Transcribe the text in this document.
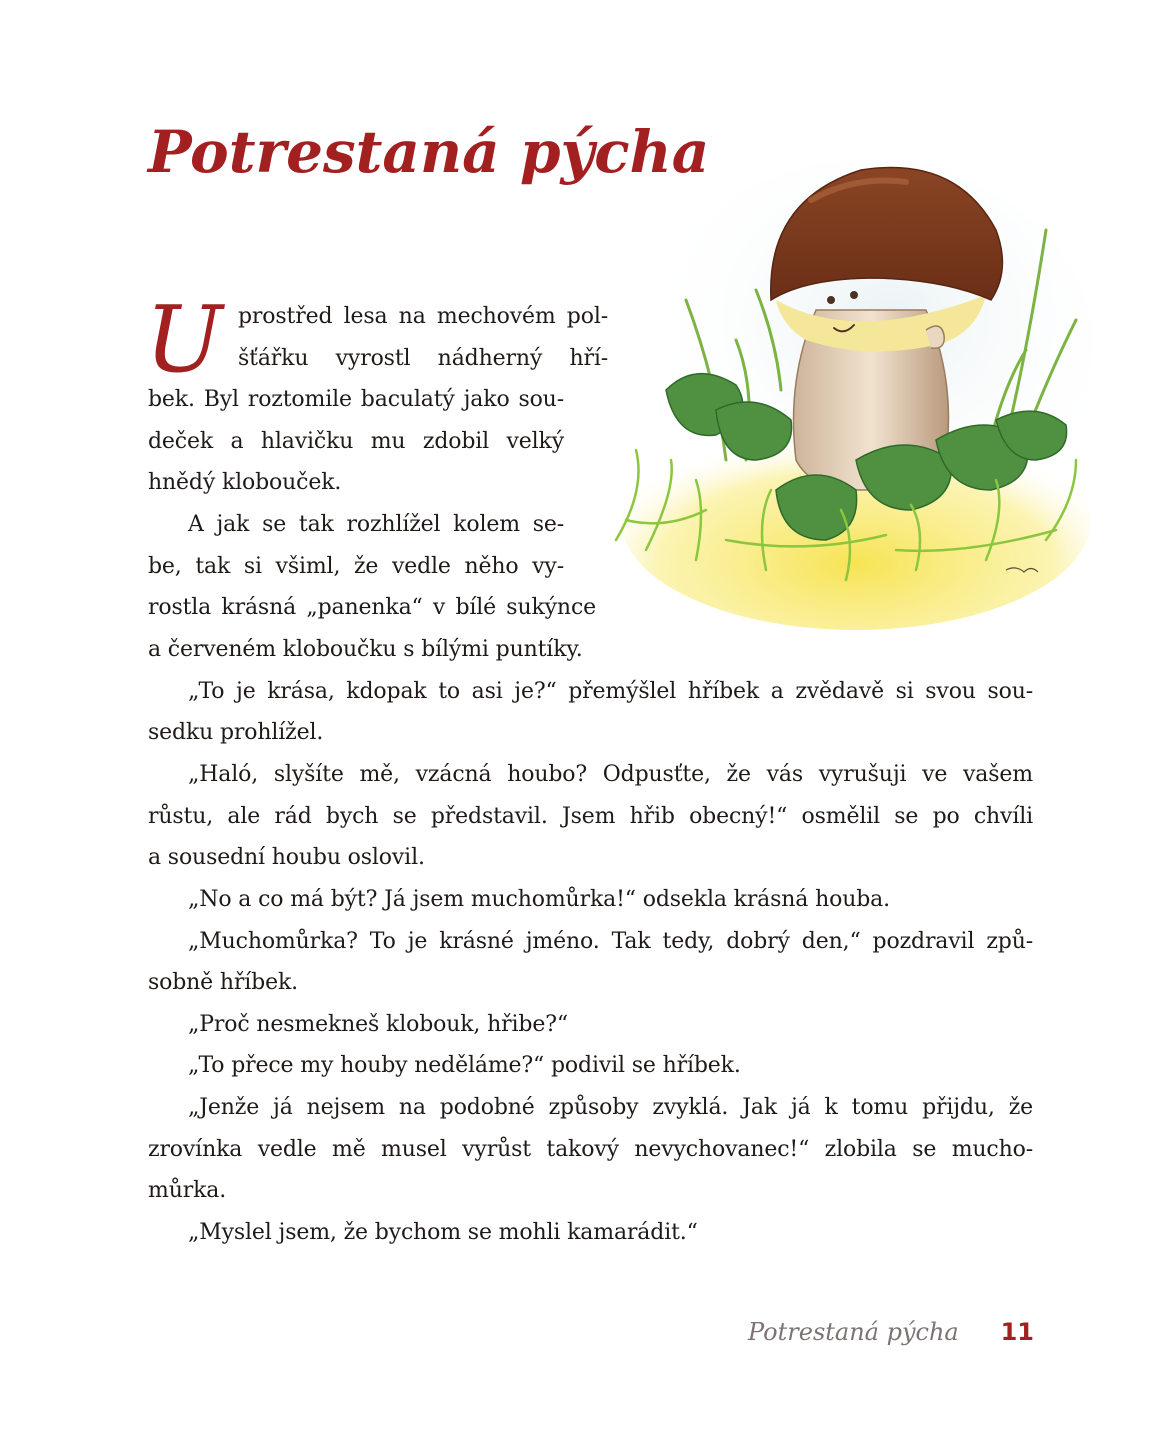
Potrestaná pýcha
U prostřed lesa na mechovém pol-
šťářku vyrostl nádherný hří-
bek. Byl roztomile baculatý jako sou-
deček a hlavičku mu zdobil velký
hnědý klobouček.
A jak se tak rozhlížel kolem se-
be, tak si všiml, že vedle něho vy-
rostla krásná „panenka“ v bílé sukýnce
a červeném kloboučku s bílými puntíky.
„To je krása, kdopak to asi je?“ přemýšlel hříbek a zvědavě si svou sou-
sedku prohlížel.
„Haló, slyšíte mě, vzácná houbo? Odpusťte, že vás vyrušuji ve vašem
růstu, ale rád bych se představil. Jsem hřib obecný!“ osmělil se po chvíli
a sousední houbu oslovil.
„No a co má být? Já jsem muchomůrka!“ odsekla krásná houba.
„Muchomůrka? To je krásné jméno. Tak tedy, dobrý den,“ pozdravil způ-
sobně hříbek.
„Proč nesmekneš klobouk, hřibe?“
„To přece my houby neděláme?“ podivil se hříbek.
„Jenže já nejsem na podobné způsoby zvyklá. Jak já k tomu přijdu, že
zrovínka vedle mě musel vyrůst takový nevychovanec!“ zlobila se mucho-
můrka.
„Myslel jsem, že bychom se mohli kamarádit.“
Potrestaná pýcha 11
